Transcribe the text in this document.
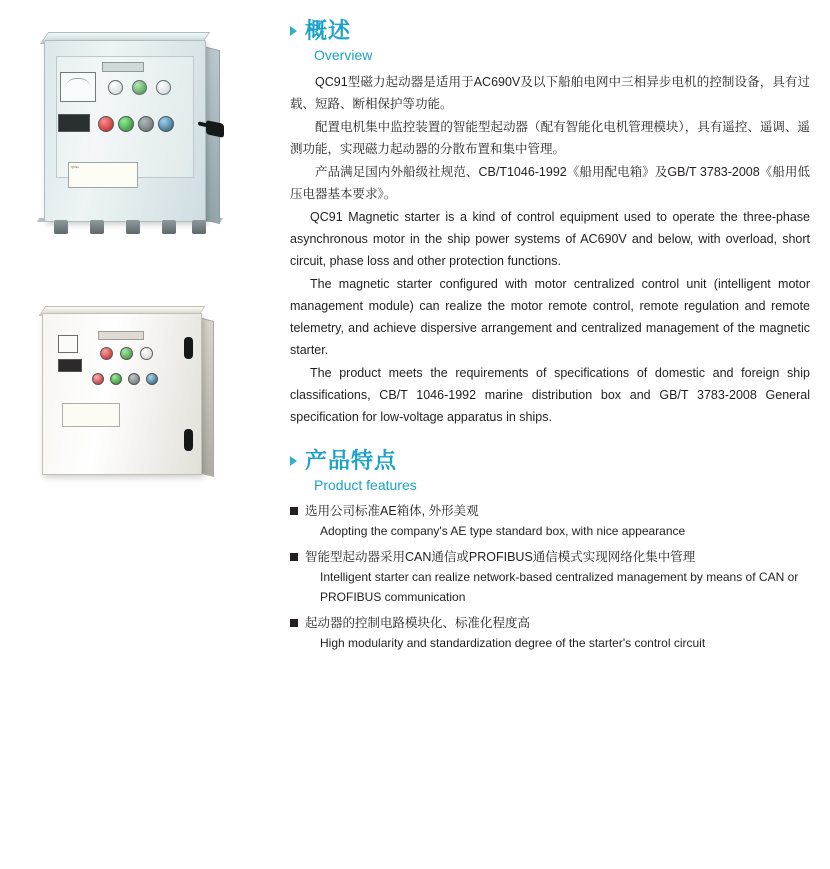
QC91
概述
Overview

QC91型磁力起动器是适用于AC690V及以下船舶电网中三相异步电机的控制设备，具有过载、短路、断相保护等功能。

配置电机集中监控装置的智能型起动器（配有智能化电机管理模块），具有遥控、遥调、遥测功能，实现磁力起动器的分散布置和集中管理。

产品满足国内外船级社规范、CB/T1046-1992《船用配电箱》及GB/T 3783-2008《船用低压电器基本要求》。

QC91 Magnetic starter is a kind of control equipment used to operate the three-phase asynchronous motor in the ship power systems of AC690V and below, with overload, short circuit, phase loss and other protection functions.

The magnetic starter configured with motor centralized control unit (intelligent motor management module) can realize the motor remote control, remote regulation and remote telemetry, and achieve dispersive arrangement and centralized management of the magnetic starter.

The product meets the requirements of specifications of domestic and foreign ship classifications, CB/T 1046-1992 marine distribution box and GB/T 3783-2008 General specification for low-voltage apparatus in ships.

产品特点
Product features
选用公司标准AE箱体, 外形美观
Adopting the company's AE type standard box, with nice appearance
智能型起动器采用CAN通信或PROFIBUS通信模式实现网络化集中管理
Intelligent starter can realize network-based centralized management by means of CAN or PROFIBUS communication
起动器的控制电路模块化、标准化程度高
High modularity and standardization degree of the starter's control circuit
